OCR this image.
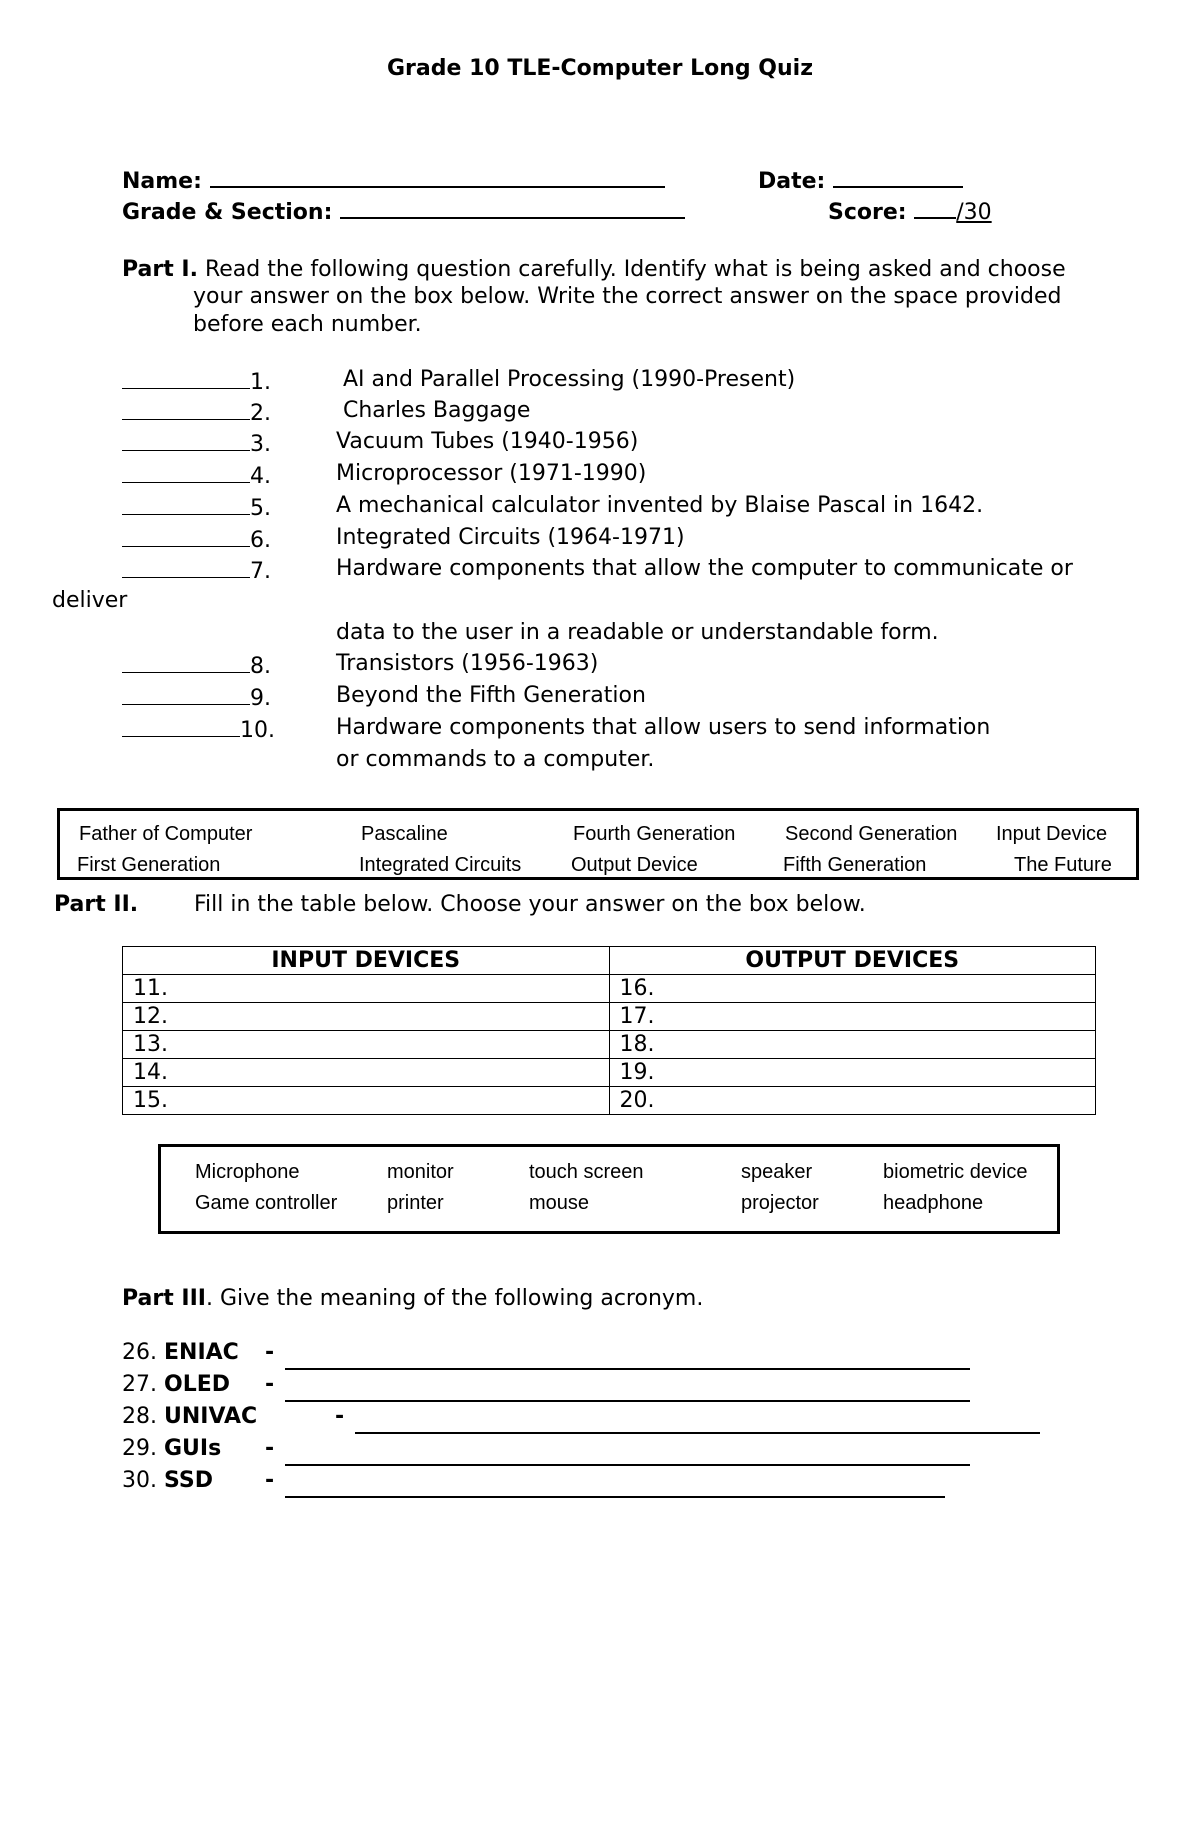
Grade 10 TLE-Computer Long Quiz
Name:	Date:
Grade & Section:	Score: /30
Part I. Read the following question carefully. Identify what is being asked and choose
your answer on the box below. Write the correct answer on the space provided
before each number.
1.	AI and Parallel Processing (1990-Present)
2.	Charles Baggage
3.	Vacuum Tubes (1940-1956)
4.	Microprocessor (1971-1990)
5.	A mechanical calculator invented by Blaise Pascal in 1642.
6.	Integrated Circuits (1964-1971)
7.	Hardware components that allow the computer to communicate or
deliver
data to the user in a readable or understandable form.
8.	Transistors (1956-1963)
9.	Beyond the Fifth Generation
10.	Hardware components that allow users to send information
or commands to a computer.
Father of Computer	Pascaline	Fourth Generation Second Generation Input Device
First Generation	Integrated Circuits Output Device	Fifth Generation	The Future
Part II.	Fill in the table below. Choose your answer on the box below.
INPUT DEVICES	OUTPUT DEVICES
11.	16.
12.	17.
13.	18.
14.	19.
15.	20.
Microphone	monitor	touch screen	speaker	biometric device
Game controller printer	mouse	projector	headphone
Part III. Give the meaning of the following acronym.
26. ENIAC -
27. OLED -
28. UNIVAC	-
29. GUIs -
30. SSD -
